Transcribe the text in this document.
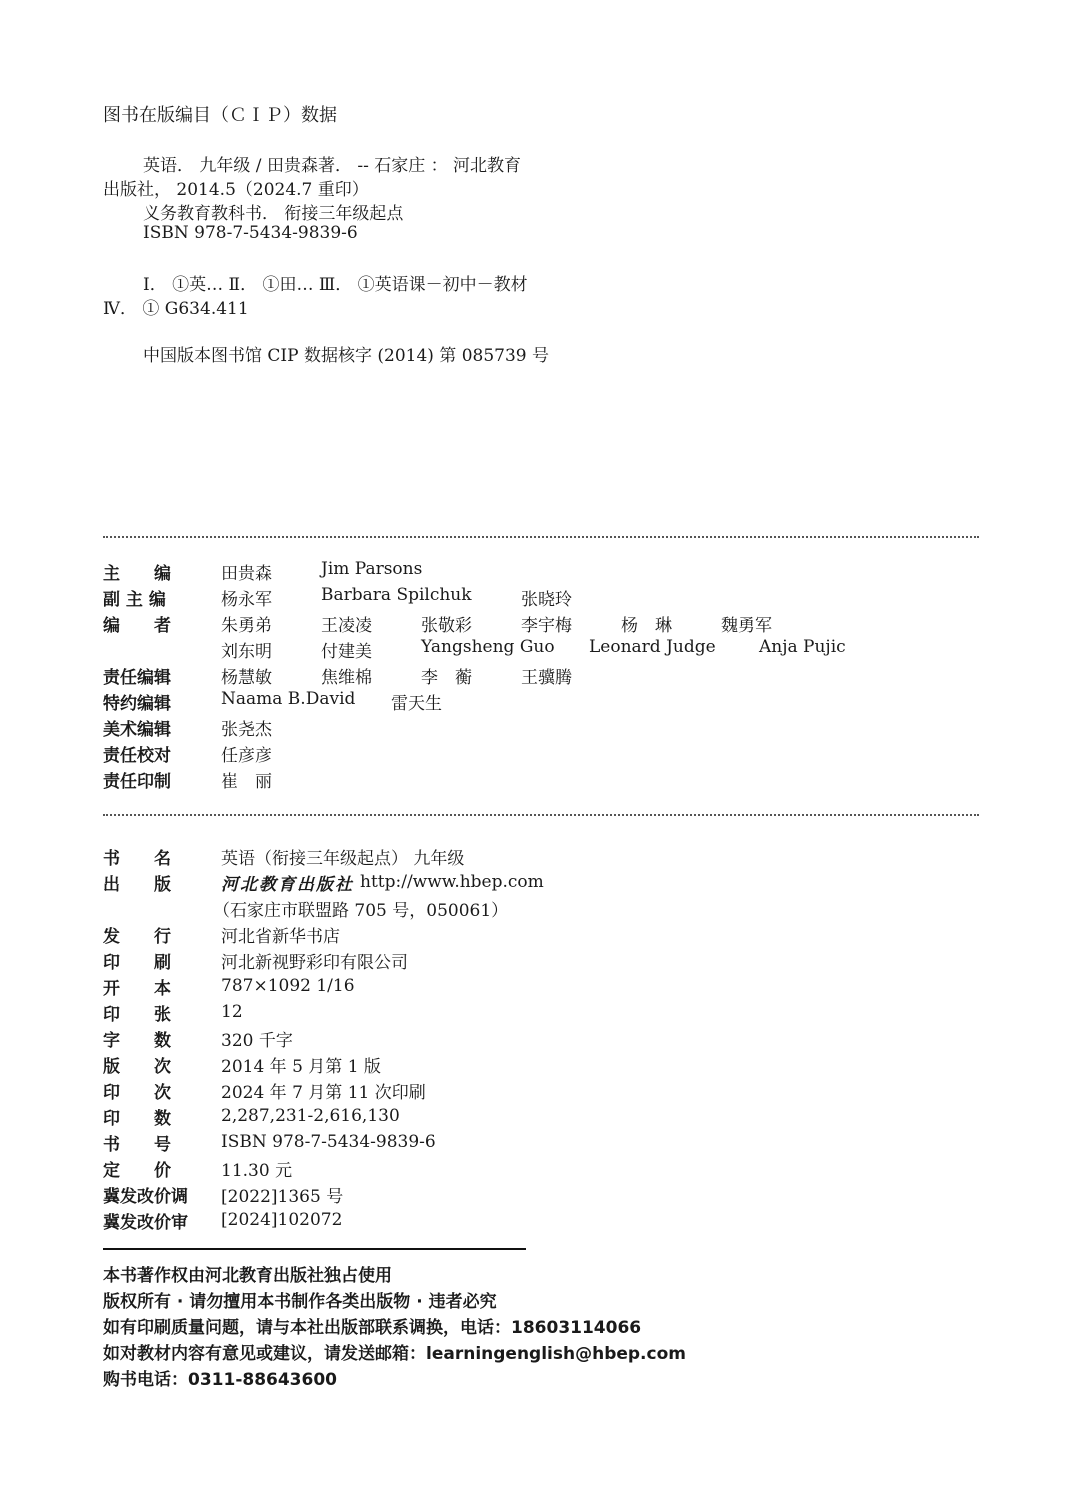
图书在版编目（ＣＩＰ）数据
英语． 九年级 / 田贵森著． -- 石家庄 ： 河北教育
出版社， 2014.5（2024.7 重印）
义务教育教科书． 衔接三年级起点
ISBN 978-7-5434-9839-6
Ⅰ． ①英… Ⅱ． ①田… Ⅲ． ①英语课－初中－教材
Ⅳ． ① G634.411
中国版本图书馆 CIP 数据核字 (2014) 第 085739 号
主　　编	田贵森	Jim Parsons
副 主 编	杨永军	Barbara Spilchuk	张晓玲
编　　者	朱勇弟	王凌凌	张敬彩	李宇梅	杨　琳	魏勇军
刘东明	付建美	Yangsheng Guo	Leonard Judge	Anja Pujic
责任编辑	杨慧敏	焦维棉	李　蘅	王骥腾
特约编辑	Naama B.David	雷天生
美术编辑	张尧杰
责任校对	任彦彦
责任印制	崔　丽
书　　名	英语（衔接三年级起点） 九年级
出　　版	河北教育出版社 http://www.hbep.com
（石家庄市联盟路 705 号，050061）
发　　行	河北省新华书店
印　　刷	河北新视野彩印有限公司
开　　本	787×1092 1/16
印　　张	12
字　　数	320 千字
版　　次	2014 年 5 月第 1 版
印　　次	2024 年 7 月第 11 次印刷
印　　数	2,287,231-2,616,130
书　　号	ISBN 978-7-5434-9839-6
定　　价	11.30 元
冀发改价调	[2022]1365 号
冀发改价审	[2024]102072
本书著作权由河北教育出版社独占使用
版权所有 · 请勿擅用本书制作各类出版物 · 违者必究
如有印刷质量问题，请与本社出版部联系调换，电话：18603114066
如对教材内容有意见或建议，请发送邮箱：learningenglish@hbep.com
购书电话：0311-88643600
